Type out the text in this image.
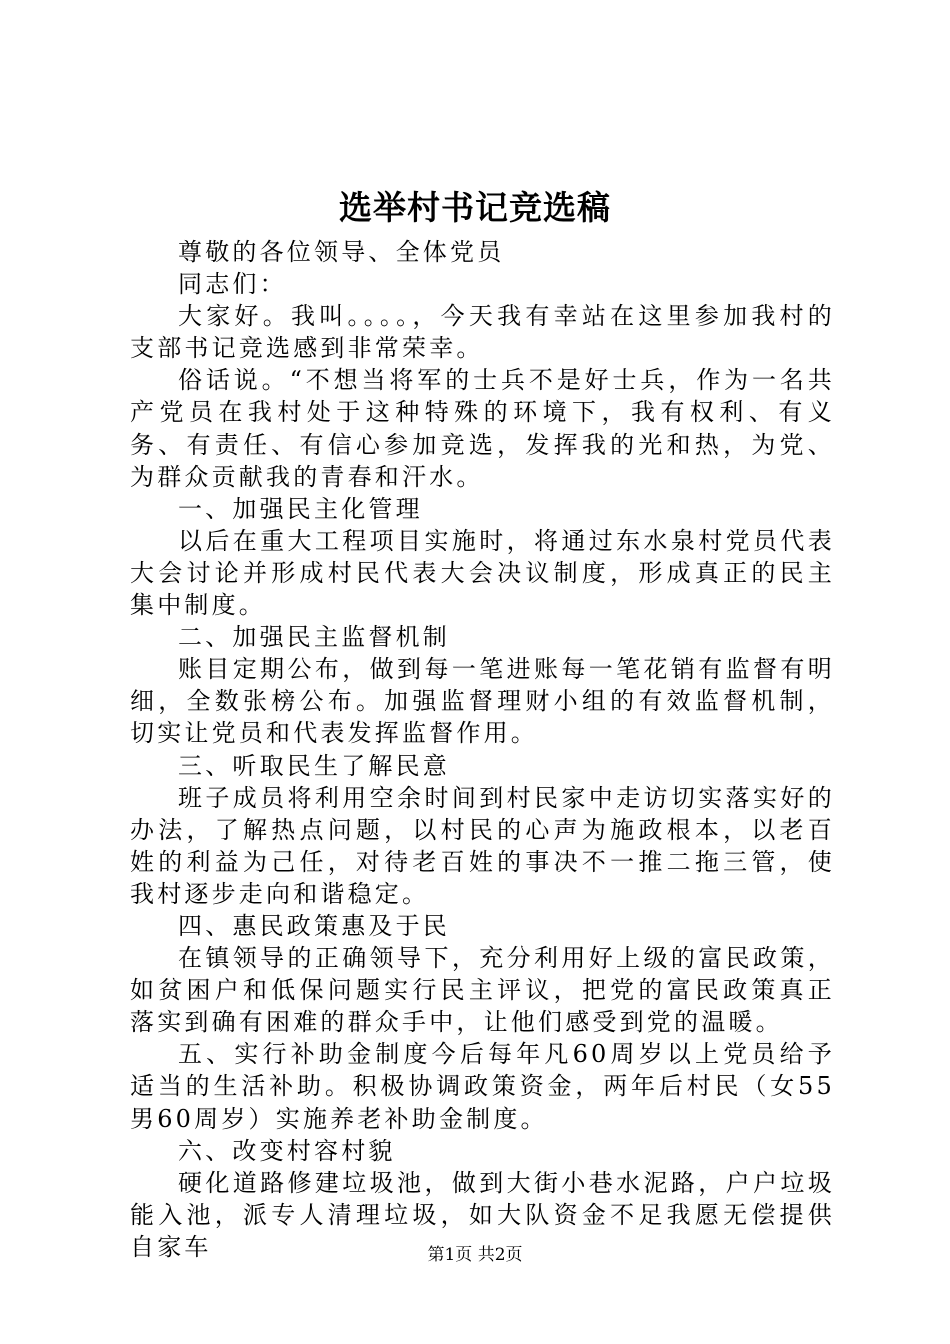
选举村书记竞选稿

尊敬的各位领导、全体党员

同志们：

大家好。我叫。。。。，今天我有幸站在这里参加我村的支部书记竞选感到非常荣幸。

俗话说。“不想当将军的士兵不是好士兵，作为一名共产党员在我村处于这种特殊的环境下，我有权利、有义务、有责任、有信心参加竞选，发挥我的光和热，为党、为群众贡献我的青春和汗水。

一、加强民主化管理

以后在重大工程项目实施时，将通过东水泉村党员代表大会讨论并形成村民代表大会决议制度，形成真正的民主集中制度。

二、加强民主监督机制

账目定期公布，做到每一笔进账每一笔花销有监督有明细，全数张榜公布。加强监督理财小组的有效监督机制，切实让党员和代表发挥监督作用。

三、听取民生了解民意

班子成员将利用空余时间到村民家中走访切实落实好的办法，了解热点问题，以村民的心声为施政根本，以老百姓的利益为己任，对待老百姓的事决不一推二拖三管，使我村逐步走向和谐稳定。

四、惠民政策惠及于民

在镇领导的正确领导下，充分利用好上级的富民政策，如贫困户和低保问题实行民主评议，把党的富民政策真正落实到确有困难的群众手中，让他们感受到党的温暖。

五、实行补助金制度今后每年凡60周岁以上党员给予适当的生活补助。积极协调政策资金，两年后村民（女55男60周岁）实施养老补助金制度。

六、改变村容村貌

硬化道路修建垃圾池，做到大街小巷水泥路，户户垃圾能入池，派专人清理垃圾，如大队资金不足我愿无偿提供自家车	第1页 共2页
